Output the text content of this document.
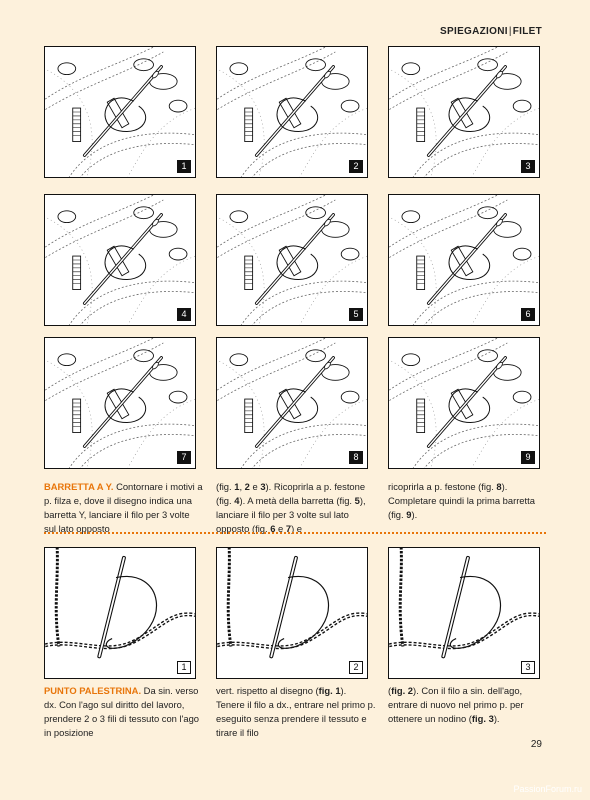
SPIEGAZIONI|FILET
1	2	3
4	5	6
7	8	9
BARRETTA A Y. Contornare i motivi a p. filza e, dove il disegno indica una barretta Y, lanciare il filo per 3 volte sul lato opposto
(fig. 1, 2 e 3). Ricoprirla a p. festone (fig. 4). A metà della barretta (fig. 5), lanciare il filo per 3 volte sul lato opposto (fig. 6 e 7) e
ricoprirla a p. festone (fig. 8). Completare quindi la prima barretta (fig. 9).
1	2	3
PUNTO PALESTRINA. Da sin. verso dx. Con l'ago sul diritto del lavoro, prendere 2 o 3 fili di tessuto con l'ago in posizione
vert. rispetto al disegno (fig. 1). Tenere il filo a dx., entrare nel primo p. eseguito senza prendere il tessuto e tirare il filo
(fig. 2). Con il filo a sin. dell'ago, entrare di nuovo nel primo p. per ottenere un nodino (fig. 3).
29
PassionForum.ru
